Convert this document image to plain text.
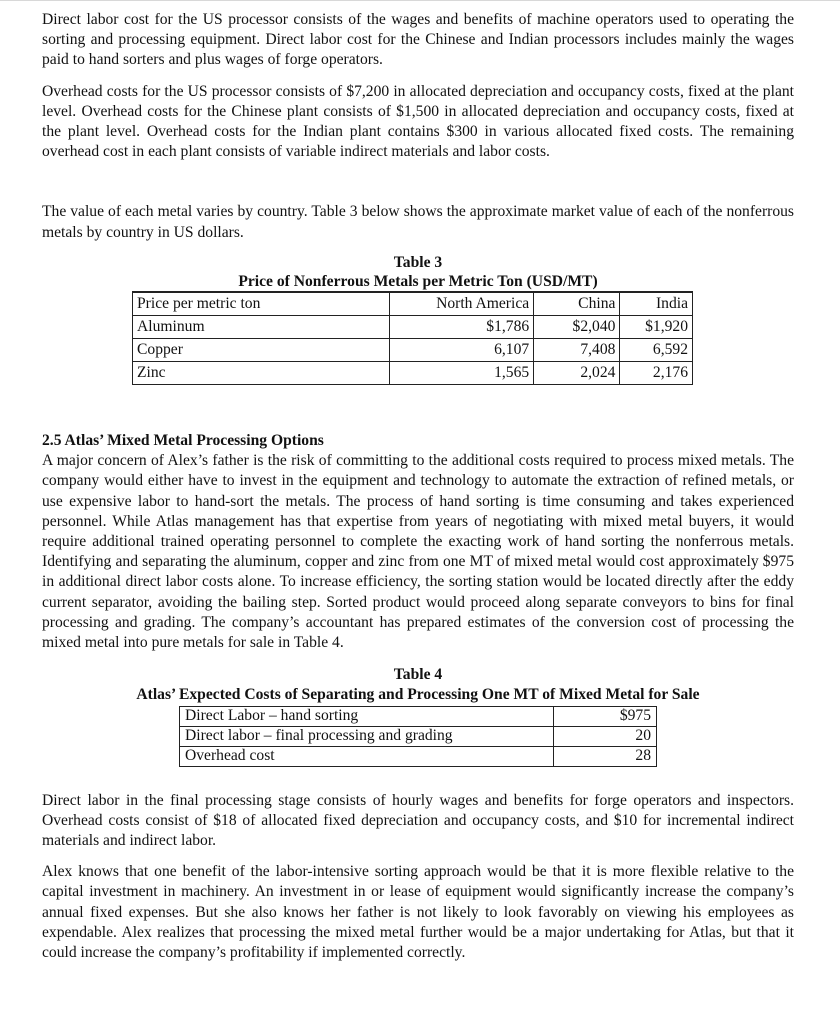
Direct labor cost for the US processor consists of the wages and benefits of machine operators used to operating the sorting and processing equipment. Direct labor cost for the Chinese and Indian processors includes mainly the wages paid to hand sorters and plus wages of forge operators.

Overhead costs for the US processor consists of $7,200 in allocated depreciation and occupancy costs, fixed at the plant level. Overhead costs for the Chinese plant consists of $1,500 in allocated depreciation and occupancy costs, fixed at the plant level. Overhead costs for the Indian plant contains $300 in various allocated fixed costs. The remaining overhead cost in each plant consists of variable indirect materials and labor costs.

The value of each metal varies by country. Table 3 below shows the approximate market value of each of the nonferrous metals by country in US dollars.

Table 3

Price of Nonferrous Metals per Metric Ton (USD/MT)

Price per metric ton	North America	China	India
Aluminum	$1,786	$2,040	$1,920
Copper	6,107	7,408	6,592
Zinc	1,565	2,024	2,176

2.5 Atlas’ Mixed Metal Processing Options

A major concern of Alex’s father is the risk of committing to the additional costs required to process mixed metals. The company would either have to invest in the equipment and technology to automate the extraction of refined metals, or use expensive labor to hand-sort the metals. The process of hand sorting is time consuming and takes experienced personnel. While Atlas management has that expertise from years of negotiating with mixed metal buyers, it would require additional trained operating personnel to complete the exacting work of hand sorting the nonferrous metals. Identifying and separating the aluminum, copper and zinc from one MT of mixed metal would cost approximately $975 in additional direct labor costs alone. To increase efficiency, the sorting station would be located directly after the eddy current separator, avoiding the bailing step. Sorted product would proceed along separate conveyors to bins for final processing and grading. The company’s accountant has prepared estimates of the conversion cost of processing the mixed metal into pure metals for sale in Table 4.

Table 4

Atlas’ Expected Costs of Separating and Processing One MT of Mixed Metal for Sale

Direct Labor – hand sorting	$975
Direct labor – final processing and grading	20
Overhead cost	28

Direct labor in the final processing stage consists of hourly wages and benefits for forge operators and inspectors. Overhead costs consist of $18 of allocated fixed depreciation and occupancy costs, and $10 for incremental indirect materials and indirect labor.

Alex knows that one benefit of the labor-intensive sorting approach would be that it is more flexible relative to the capital investment in machinery. An investment in or lease of equipment would significantly increase the company’s annual fixed expenses. But she also knows her father is not likely to look favorably on viewing his employees as expendable. Alex realizes that processing the mixed metal further would be a major undertaking for Atlas, but that it could increase the company’s profitability if implemented correctly.
